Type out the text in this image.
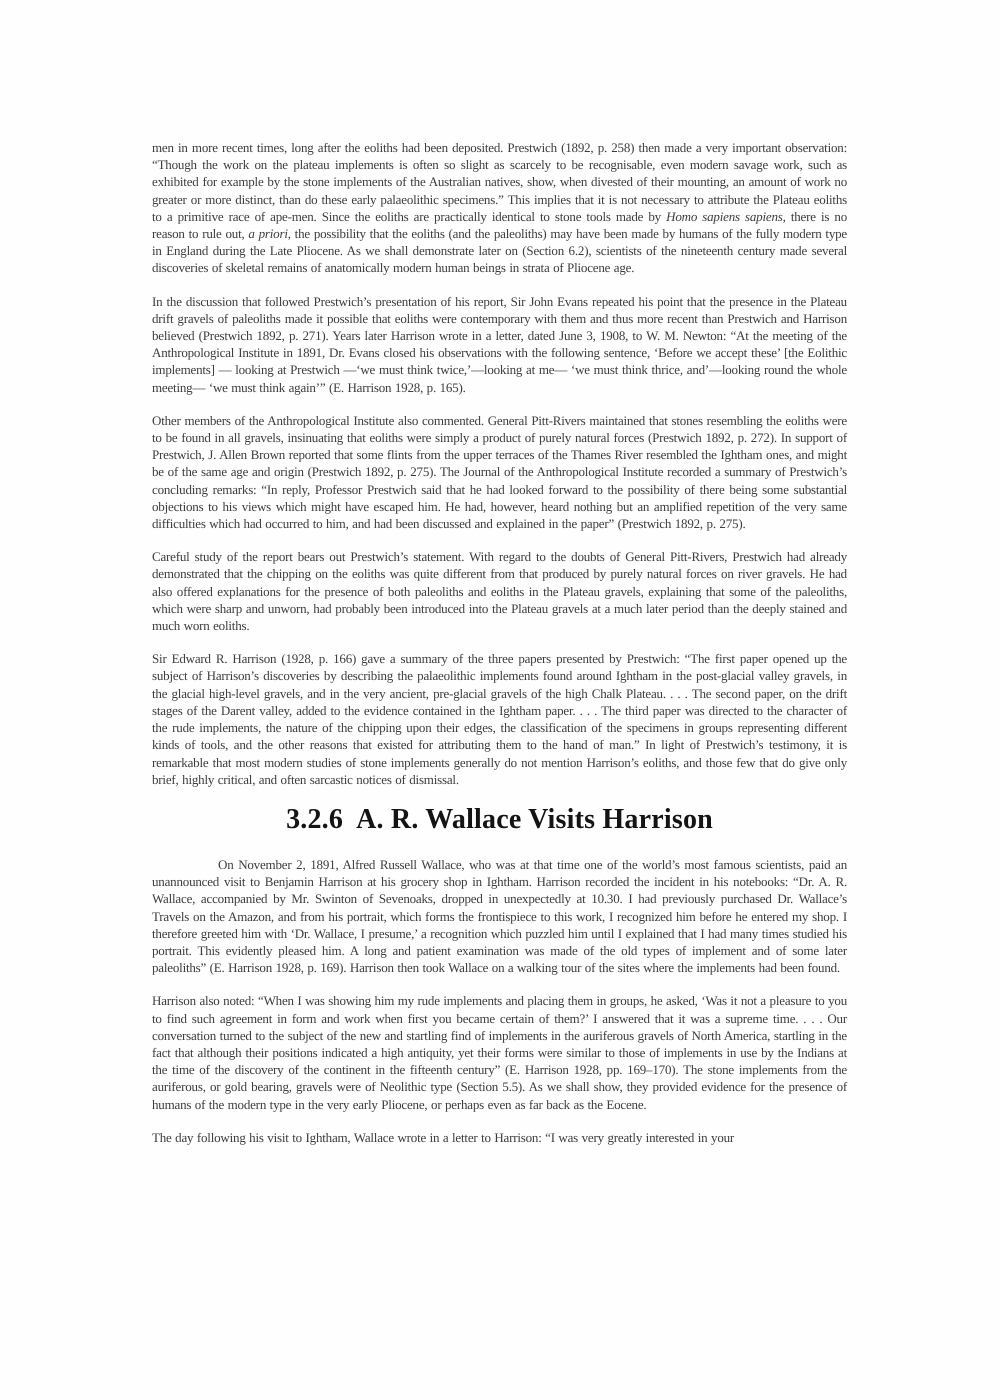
men in more recent times, long after the eoliths had been deposited. Prestwich (1892, p. 258) then made a very important observation: “Though the work on the plateau implements is often so slight as scarcely to be recognisable, even modern savage work, such as exhibited for example by the stone implements of the Australian natives, show, when divested of their mounting, an amount of work no greater or more distinct, than do these early palaeolithic specimens.” This implies that it is not necessary to attribute the Plateau eoliths to a primitive race of ape-men. Since the eoliths are practically identical to stone tools made by Homo sapiens sapiens, there is no reason to rule out, a priori, the possibility that the eoliths (and the paleoliths) may have been made by humans of the fully modern type in England during the Late Pliocene. As we shall demonstrate later on (Section 6.2), scientists of the nineteenth century made several discoveries of skeletal remains of anatomically modern human beings in strata of Pliocene age.

In the discussion that followed Prestwich’s presentation of his report, Sir John Evans repeated his point that the presence in the Plateau drift gravels of paleoliths made it possible that eoliths were contemporary with them and thus more recent than Prestwich and Harrison believed (Prestwich 1892, p. 271). Years later Harrison wrote in a letter, dated June 3, 1908, to W. M. Newton: “At the meeting of the Anthropological Institute in 1891, Dr. Evans closed his observations with the following sentence, ‘Before we accept these’ [the Eolithic implements] — looking at Prestwich —‘we must think twice,’—looking at me— ‘we must think thrice, and’—looking round the whole meeting— ‘we must think again’” (E. Harrison 1928, p. 165).

Other members of the Anthropological Institute also commented. General Pitt-Rivers maintained that stones resembling the eoliths were to be found in all gravels, insinuating that eoliths were simply a product of purely natural forces (Prestwich 1892, p. 272). In support of Prestwich, J. Allen Brown reported that some flints from the upper terraces of the Thames River resembled the Ightham ones, and might be of the same age and origin (Prestwich 1892, p. 275). The Journal of the Anthropological Institute recorded a summary of Prestwich’s concluding remarks: “In reply, Professor Prestwich said that he had looked forward to the possibility of there being some substantial objections to his views which might have escaped him. He had, however, heard nothing but an amplified repetition of the very same difficulties which had occurred to him, and had been discussed and explained in the paper” (Prestwich 1892, p. 275).

Careful study of the report bears out Prestwich’s statement. With regard to the doubts of General Pitt-Rivers, Prestwich had already demonstrated that the chipping on the eoliths was quite different from that produced by purely natural forces on river gravels. He had also offered explanations for the presence of both paleoliths and eoliths in the Plateau gravels, explaining that some of the paleoliths, which were sharp and unworn, had probably been introduced into the Plateau gravels at a much later period than the deeply stained and much worn eoliths.

Sir Edward R. Harrison (1928, p. 166) gave a summary of the three papers presented by Prestwich: “The first paper opened up the subject of Harrison’s discoveries by describing the palaeolithic implements found around Ightham in the post-glacial valley gravels, in the glacial high-level gravels, and in the very ancient, pre-glacial gravels of the high Chalk Plateau. . . . The second paper, on the drift stages of the Darent valley, added to the evidence contained in the Ightham paper. . . . The third paper was directed to the character of the rude implements, the nature of the chipping upon their edges, the classification of the specimens in groups representing different kinds of tools, and the other reasons that existed for attributing them to the hand of man.” In light of Prestwich’s testimony, it is remarkable that most modern studies of stone implements generally do not mention Harrison’s eoliths, and those few that do give only brief, highly critical, and often sarcastic notices of dismissal.

3.2.6 A. R. Wallace Visits Harrison

On November 2, 1891, Alfred Russell Wallace, who was at that time one of the world’s most famous scientists, paid an unannounced visit to Benjamin Harrison at his grocery shop in Ightham. Harrison recorded the incident in his notebooks: “Dr. A. R. Wallace, accompanied by Mr. Swinton of Sevenoaks, dropped in unexpectedly at 10.30. I had previously purchased Dr. Wallace’s Travels on the Amazon, and from his portrait, which forms the frontispiece to this work, I recognized him before he entered my shop. I therefore greeted him with ‘Dr. Wallace, I presume,’ a recognition which puzzled him until I explained that I had many times studied his portrait. This evidently pleased him. A long and patient examination was made of the old types of implement and of some later paleoliths” (E. Harrison 1928, p. 169). Harrison then took Wallace on a walking tour of the sites where the implements had been found.

Harrison also noted: “When I was showing him my rude implements and placing them in groups, he asked, ‘Was it not a pleasure to you to find such agreement in form and work when first you became certain of them?’ I answered that it was a supreme time. . . . Our conversation turned to the subject of the new and startling find of implements in the auriferous gravels of North America, startling in the fact that although their positions indicated a high antiquity, yet their forms were similar to those of implements in use by the Indians at the time of the discovery of the continent in the fifteenth century” (E. Harrison 1928, pp. 169–170). The stone implements from the auriferous, or gold bearing, gravels were of Neolithic type (Section 5.5). As we shall show, they provided evidence for the presence of humans of the modern type in the very early Pliocene, or perhaps even as far back as the Eocene.

The day following his visit to Ightham, Wallace wrote in a letter to Harrison: “I was very greatly interested in your
